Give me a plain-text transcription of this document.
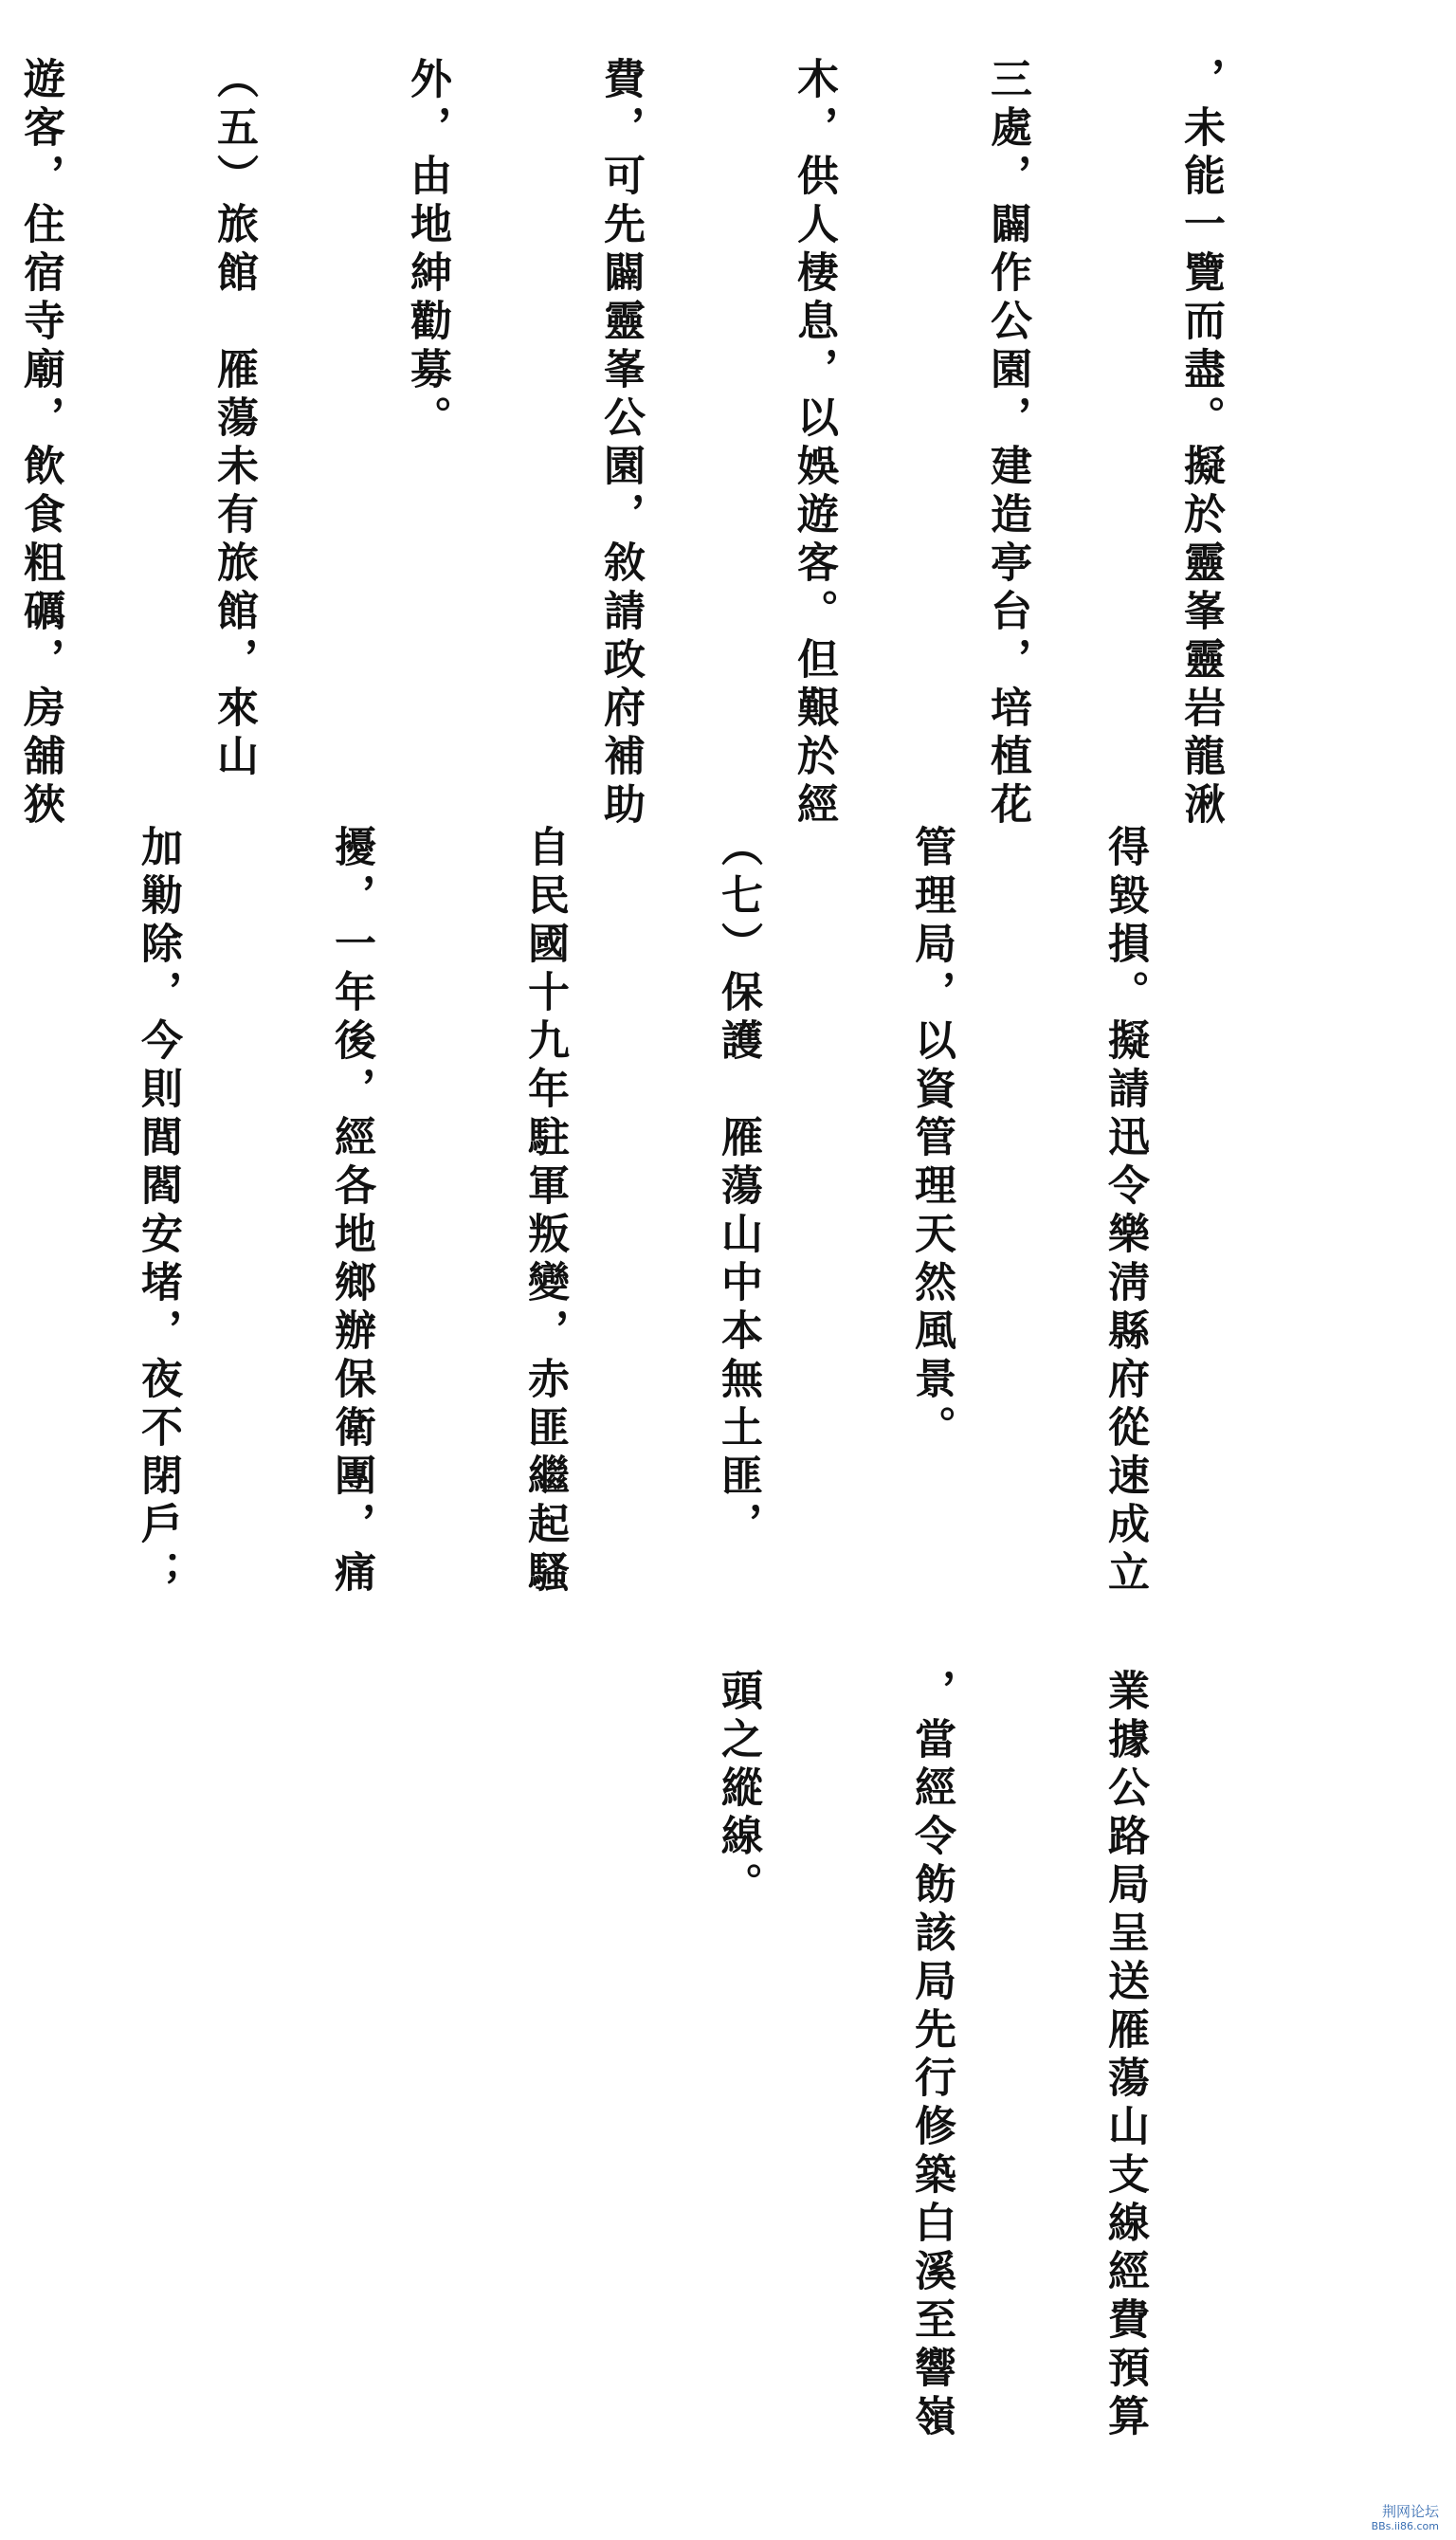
，未能一覽而盡。擬於靈峯靈岩龍湫

三處，闢作公園，建造亭台，培植花

木，供人棲息，以娛遊客。但艱於經

費，可先闢靈峯公園，敘請政府補助

外，由地紳勸募。

（五）旅館　雁蕩未有旅館，來山

遊客，住宿寺廟，飲食粗礪，房舖狹

得毀損。擬請迅令樂淸縣府從速成立

管理局，以資管理天然風景。

（七）保護　雁蕩山中本無土匪，

自民國十九年駐軍叛變，赤匪繼起騷

擾，一年後，經各地鄉辦保衛團，痛

加勦除，今則閭閻安堵，夜不閉戶；

業據公路局呈送雁蕩山支線經費預算

，當經令飭該局先行修築白溪至響嶺

頭之縱線。

荆网论坛
BBs.ii86.com
